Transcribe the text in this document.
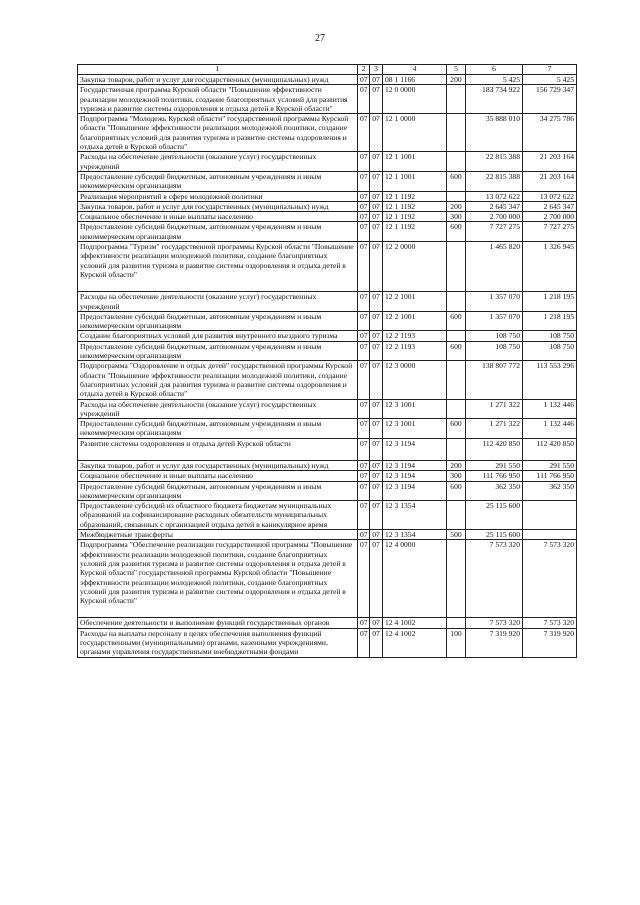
27
1	2	3	4	5	6	7
Закупка товаров, работ и услуг для государственных (муниципальных) нужд	07	07	08 1 1166	200	5 425	5 425
Государственная программа Курской области "Повышение эффективности реализации молодежной политики, создание благоприятных условий для развития туризма и развитие системы оздоровления и отдыха детей в Курской области"	07	07	12 0 0000		183 734 922	156 729 347
Подпрограмма "Молодежь Курской области" государственной программы Курской области "Повышение эффективности реализации молодежной политики, создание благоприятных условий для развития туризма и развитие системы оздоровления и отдыха детей в Курской области"	07	07	12 1 0000		35 888 010	34 275 786
Расходы на обеспечение деятельности (оказание услуг) государственных учреждений	07	07	12 1 1001		22 815 388	21 203 164
Предоставление субсидий бюджетным, автономным учреждениям и иным некоммерческим организациям	07	07	12 1 1001	600	22 815 388	21 203 164
Реализация мероприятий в сфере молодежной политики	07	07	12 1 1192		13 072 622	13 072 622
Закупка товаров, работ и услуг для государственных (муниципальных) нужд	07	07	12 1 1192	200	2 645 347	2 645 347
Социальное обеспечение и иные выплаты населению	07	07	12 1 1192	300	2 700 000	2 700 000
Предоставление субсидий бюджетным, автономным учреждениям и иным некоммерческим организациям	07	07	12 1 1192	600	7 727 275	7 727 275
Подпрограмма "Туризм" государственной программы Курской области "Повышение эффективности реализации молодежной политики, создание благоприятных условий для развития туризма и развитие системы оздоровления и отдыха детей в Курской области"	07	07	12 2 0000		1 465 820	1 326 945
Расходы на обеспечение деятельности (оказание услуг) государственных учреждений	07	07	12 2 1001		1 357 070	1 218 195
Предоставление субсидий бюджетным, автономным учреждениям и иным некоммерческим организациям	07	07	12 2 1001	600	1 357 070	1 218 195
Создание благоприятных условий для развития внутреннего въездного туризма	07	07	12 2 1193		108 750	108 750
Предоставление субсидий бюджетным, автономным учреждениям и иным некоммерческим организациям	07	07	12 2 1193	600	108 750	108 750
Подпрограмма "Оздоровление и отдых детей" государственной программы Курской области "Повышение эффективности реализации молодежной политики, создание благоприятных условий для развития туризма и развитие системы оздоровления и отдыха детей в Курской области"	07	07	12 3 0000		138 807 772	113 553 296
Расходы на обеспечение деятельности (оказание услуг) государственных учреждений	07	07	12 3 1001		1 271 322	1 132 446
Предоставление субсидий бюджетным, автономным учреждениям и иным некоммерческим организациям	07	07	12 3 1001	600	1 271 322	1 132 446
Развитие системы оздоровления и отдыха детей Курской области	07	07	12 3 1194		112 420 850	112 420 850
Закупка товаров, работ и услуг для государственных (муниципальных) нужд	07	07	12 3 1194	200	291 550	291 550
Социальное обеспечение и иные выплаты населению	07	07	12 3 1194	300	111 766 950	111 766 950
Предоставление субсидий бюджетным, автономным учреждениям и иным некоммерческим организациям	07	07	12 3 1194	600	362 350	362 350
Предоставление субсидий из областного бюджета бюджетам муниципальных образований на софинансирование расходных обязательств муниципальных образований, связанных с организацией отдыха детей в каникулярное время	07	07	12 3 1354		25 115 600	
Межбюджетные трансферты	07	07	12 3 1354	500	25 115 600	
Подпрограмма "Обеспечение реализации государственной программы "Повышение эффективности реализации молодежной политики, создание благоприятных условий для развития туризма и развитие системы оздоровления и отдыха детей в Курской области" государственной программы Курской области "Повышение эффективности реализации молодежной политики, создание благоприятных условий для развития туризма и развитие системы оздоровления и отдыха детей в Курской области"	07	07	12 4 0000		7 573 320	7 573 320
Обеспечение деятельности и выполнение функций государственных органов	07	07	12 4 1002		7 573 320	7 573 320
Расходы на выплаты персоналу в целях обеспечения выполнения функций государственными (муниципальными) органами, казенными учреждениями, органами управления государственными внебюджетными фондами	07	07	12 4 1002	100	7 319 920	7 319 920
